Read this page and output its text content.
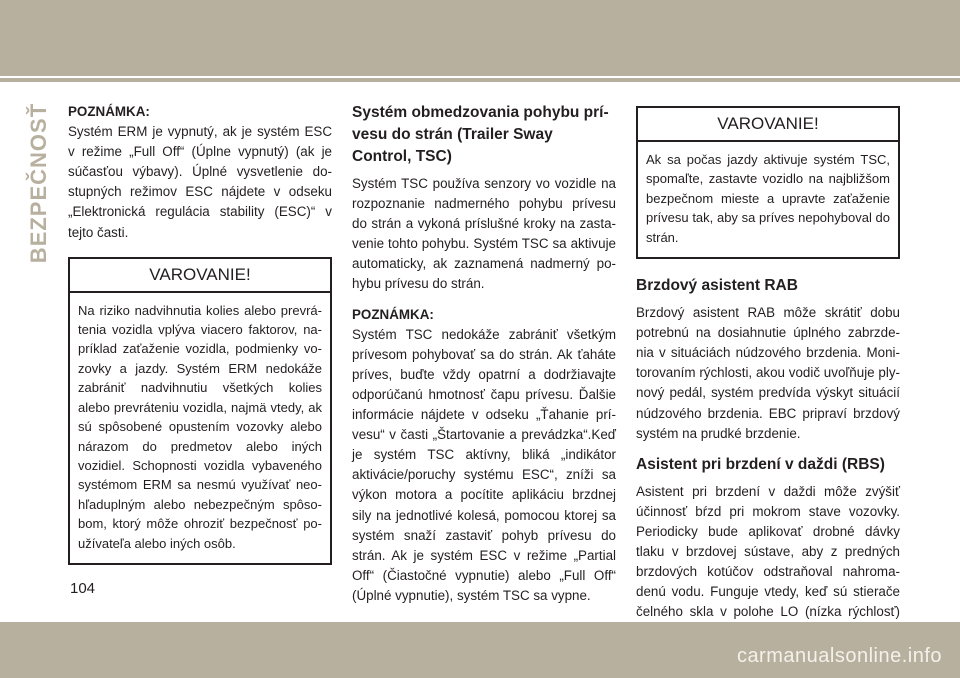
BEZPEČNOSŤ POZNÁMKA:

Systém ERM je vypnutý, ak je systém ESC v režime „Full Off“ (Úplne vypnutý) (ak je súčasťou výbavy). Úplné vysvetlenie dostupných režimov ESC nájdete v odseku „Elektronická regulácia stability (ESC)“ v tejto časti.

VAROVANIE!
Na riziko nadvihnutia kolies alebo prevrátenia vozidla vplýva viacero faktorov, napríklad zaťaženie vozidla, podmienky vozovky a jazdy. Systém ERM nedokáže zabrániť nadvihnutiu všetkých kolies alebo prevráteniu vozidla, najmä vtedy, ak sú spôsobené opustením vozovky alebo nárazom do predmetov alebo iných vozidiel. Schopnosti vozidla vybaveného systémom ERM sa nesmú využívať neohľaduplným alebo nebezpečným spôsobom, ktorý môže ohroziť bezpečnosť používateľa alebo iných osôb.

Systém obmedzovania pohybu prívesu do strán (Trailer Sway Control, TSC)

Systém TSC používa senzory vo vozidle na rozpoznanie nadmerného pohybu prívesu do strán a vykoná príslušné kroky na zastavenie tohto pohybu. Systém TSC sa aktivuje automaticky, ak zaznamená nadmerný pohybu prívesu do strán.

POZNÁMKA:

Systém TSC nedokáže zabrániť všetkým prívesom pohybovať sa do strán. Ak ťaháte príves, buďte vždy opatrní a dodržiavajte odporúčanú hmotnosť čapu prívesu. Ďalšie informácie nájdete v odseku „Ťahanie prívesu“ v časti „Štartovanie a prevádzka“.Keď je systém TSC aktívny, bliká „indikátor aktivácie/poruchy systému ESC“, zníži sa výkon motora a pocítite aplikáciu brzdnej sily na jednotlivé kolesá, pomocou ktorej sa systém snaží zastaviť pohyb prívesu do strán. Ak je systém ESC v režime „Partial Off“ (Čiastočné vypnutie) alebo „Full Off“ (Úplné vypnutie), systém TSC sa vypne.

VAROVANIE!
Ak sa počas jazdy aktivuje systém TSC, spomaľte, zastavte vozidlo na najbližšom bezpečnom mieste a upravte zaťaženie prívesu tak, aby sa príves nepohyboval do strán.

Brzdový asistent RAB

Brzdový asistent RAB môže skrátiť dobu potrebnú na dosiahnutie úplného zabrzdenia v situáciách núdzového brzdenia. Monitorovaním rýchlosti, akou vodič uvoľňuje plynový pedál, systém predvída výskyt situácií núdzového brzdenia. EBC pripraví brzdový systém na prudké brzdenie.

Asistent pri brzdení v daždi (RBS)

Asistent pri brzdení v daždi môže zvýšiť účinnosť bŕzd pri mokrom stave vozovky. Periodicky bude aplikovať drobné dávky tlaku v brzdovej sústave, aby z predných brzdových kotúčov odstraňoval nahromadenú vodu. Funguje vtedy, keď sú stierače čelného skla v polohe LO (nízka rýchlosť)

104
carmanualsonline.info
